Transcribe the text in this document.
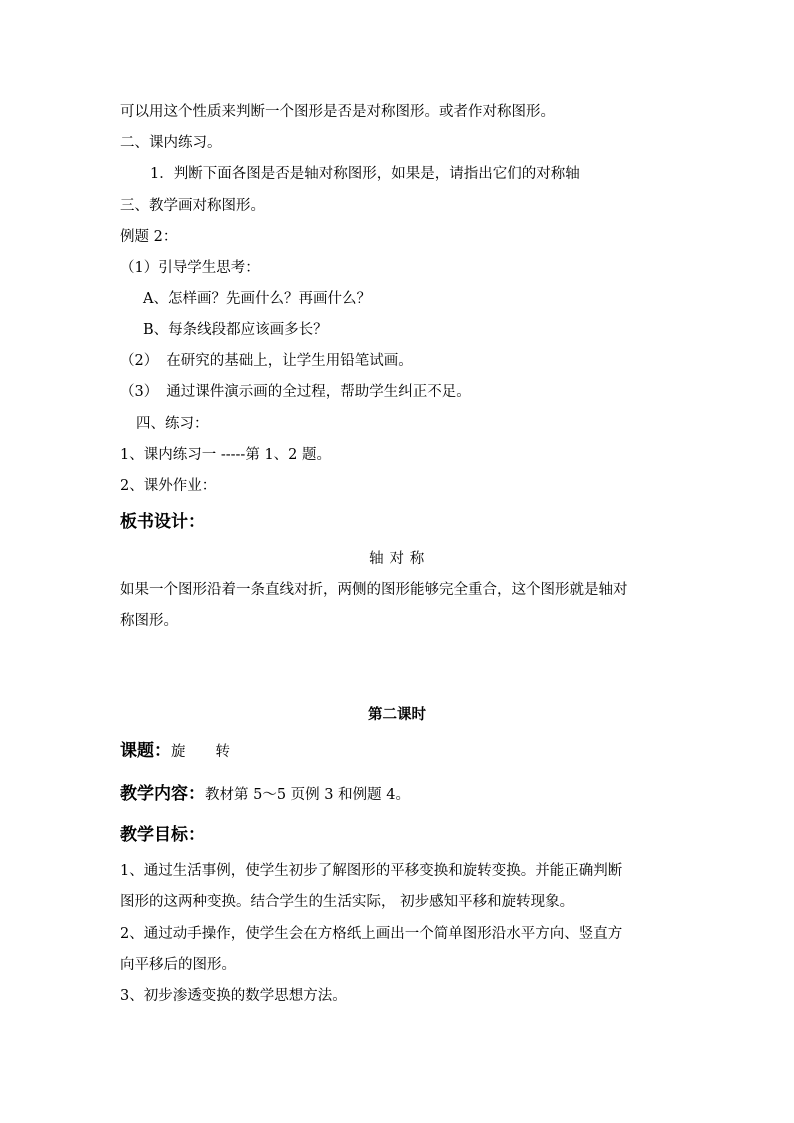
可以用这个性质来判断一个图形是否是对称图形。或者作对称图形。
二、课内练习。
1．判断下面各图是否是轴对称图形，如果是，请指出它们的对称轴
三、教学画对称图形。
例题 2：
（1）引导学生思考：
A、怎样画？先画什么？再画什么？
B、每条线段都应该画多长？
（2） 在研究的基础上，让学生用铅笔试画。
（3） 通过课件演示画的全过程，帮助学生纠正不足。
四、练习：
1、课内练习一 -----第 1、2 题。
2、课外作业：
板书设计：
轴 对 称
如果一个图形沿着一条直线对折，两侧的图形能够完全重合，这个图形就是轴对
称图形。
第二课时
课题：旋 转
教学内容：教材第 5～5 页例 3 和例题 4。
教学目标：
1、通过生活事例，使学生初步了解图形的平移变换和旋转变换。并能正确判断
图形的这两种变换。结合学生的生活实际， 初步感知平移和旋转现象。
2、通过动手操作，使学生会在方格纸上画出一个简单图形沿水平方向、竖直方
向平移后的图形。
3、初步渗透变换的数学思想方法。
